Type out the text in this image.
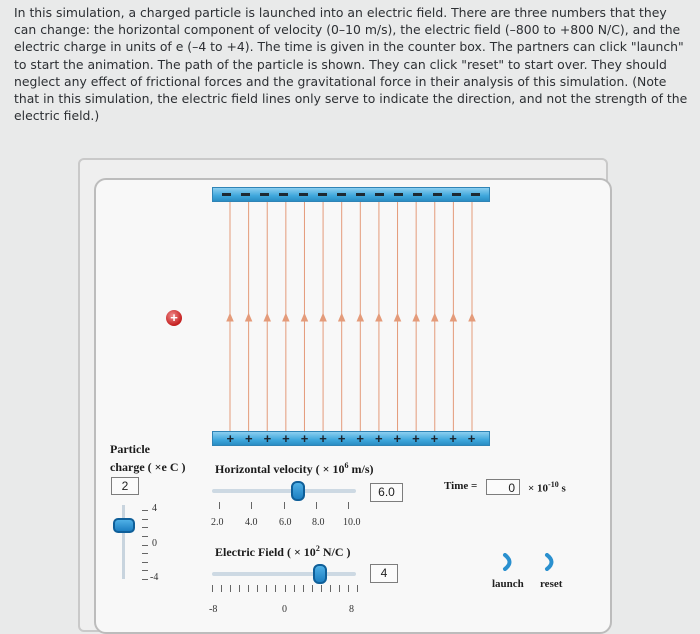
In this simulation, a charged particle is launched into an electric field. There are three numbers that they can change: the horizontal component of velocity (0–10 m/s), the electric field (–800 to +800 N/C), and the electric charge in units of e (–4 to +4). The time is given in the counter box. The partners can click "launch" to start the animation. The path of the particle is shown. They can click "reset" to start over. They should neglect any effect of frictional forces and the gravitational force in their analysis of this simulation. (Note that in this simulation, the electric field lines only serve to indicate the direction, and not the strength of the electric field.)
+ + + + + + + + + + + + + +
+
Particle
charge ( ×e C )
2
4
0
-4
Horizontal velocity ( × $10^6$ m/s)
6.0
2.0 4.0 6.0 8.0 10.0
Electric Field ( × $10^2$ N/C )
4
-8	0	8
Time =	0	× $10^{-10}$ s
launch reset
